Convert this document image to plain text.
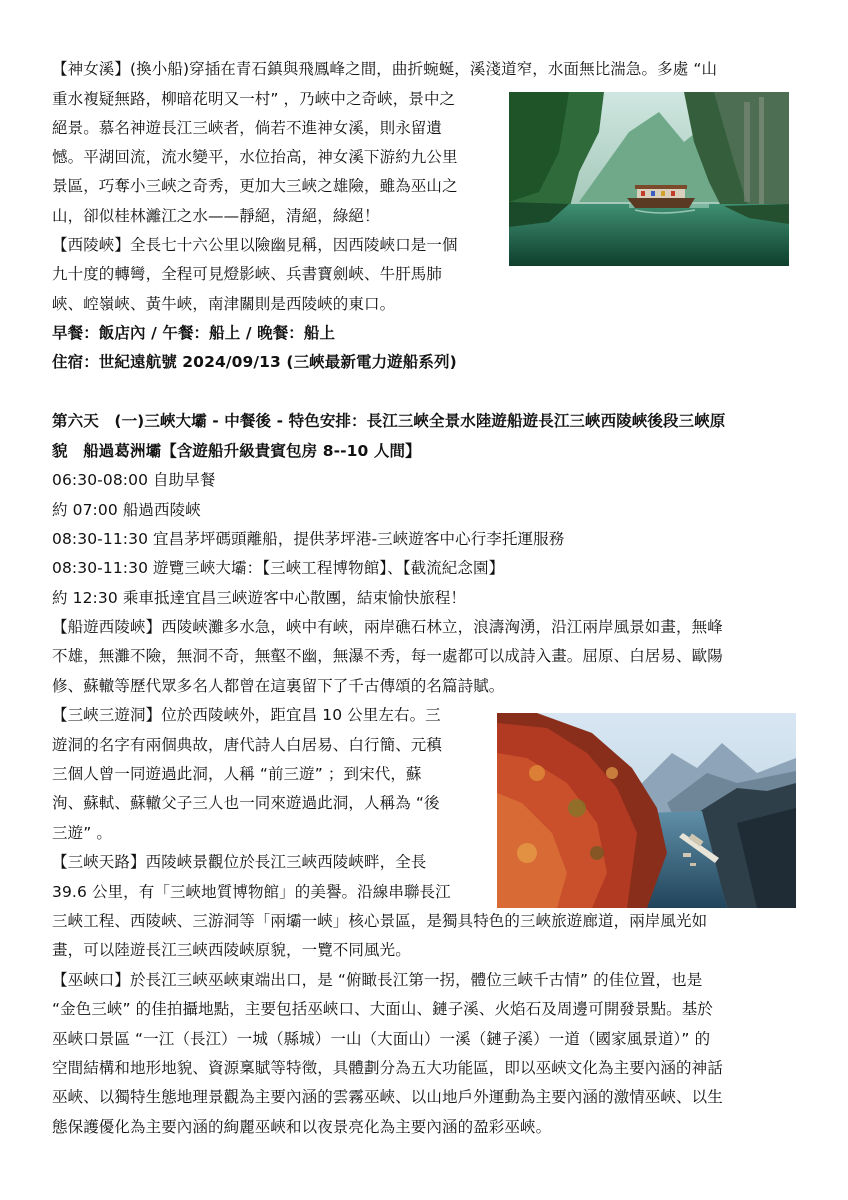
【神女溪】(換小船)穿插在青石鎮與飛鳳峰之間，曲折蜿蜒，溪淺道窄，水面無比湍急。多處 “山
重水複疑無路，柳暗花明又一村” ，乃峽中之奇峽，景中之
絕景。慕名神遊長江三峽者，倘若不進神女溪，則永留遺
憾。平湖回流，流水變平，水位抬高，神女溪下游約九公里
景區，巧奪小三峽之奇秀，更加大三峽之雄險，雖為巫山之
山，卻似桂林灕江之水——靜絕，清絕，綠絕！
【西陵峽】全長七十六公里以險幽見稱，因西陵峽口是一個
九十度的轉彎，全程可見燈影峽、兵書寶劍峽、牛肝馬肺
峽、崆嶺峽、黃牛峽，南津關則是西陵峽的東口。
早餐：飯店內 / 午餐：船上 / 晚餐：船上
住宿：世紀遠航號 2024/09/13 (三峽最新電力遊船系列)
第六天　(一)三峽大壩 - 中餐後 - 特色安排：長江三峽全景水陸遊船遊長江三峽西陵峽後段三峽原
貌　船過葛洲壩【含遊船升級貴賓包房 8--10 人間】
06:30-08:00 自助早餐
約 07:00 船過西陵峽
08:30-11:30 宜昌茅坪碼頭離船，提供茅坪港-三峽遊客中心行李托運服務
08:30-11:30 遊覽三峽大壩：【三峽工程博物館】、【截流紀念園】
約 12:30 乘車抵達宜昌三峽遊客中心散團，結束愉快旅程！
【船遊西陵峽】西陵峽灘多水急，峽中有峽，兩岸礁石林立，浪濤洶湧，沿江兩岸風景如畫，無峰
不雄，無灘不險，無洞不奇，無壑不幽，無瀑不秀，每一處都可以成詩入畫。屈原、白居易、歐陽
修、蘇轍等歷代眾多名人都曾在這裏留下了千古傳頌的名篇詩賦。
【三峽三遊洞】位於西陵峽外，距宜昌 10 公里左右。三
遊洞的名字有兩個典故，唐代詩人白居易、白行簡、元稹
三個人曾一同遊過此洞，人稱 “前三遊” ；到宋代，蘇
洵、蘇軾、蘇轍父子三人也一同來遊過此洞，人稱為 “後
三遊” 。
【三峽天路】西陵峽景觀位於長江三峽西陵峽畔，全長
39.6 公里，有「三峽地質博物館」的美譽。沿線串聯長江
三峽工程、西陵峽、三游洞等「兩壩一峽」核心景區，是獨具特色的三峽旅遊廊道，兩岸風光如
畫，可以陸遊長江三峽西陵峽原貌，一覽不同風光。
【巫峽口】於長江三峽巫峽東端出口，是 “俯瞰長江第一拐，體位三峽千古情” 的佳位置，也是
“金色三峽” 的佳拍攝地點，主要包括巫峽口、大面山、鏈子溪、火焰石及周邊可開發景點。基於
巫峽口景區 “一江（長江）一城（縣城）一山（大面山）一溪（鏈子溪）一道（國家風景道）” 的
空間結構和地形地貌、資源稟賦等特徵，具體劃分為五大功能區，即以巫峽文化為主要內涵的神話
巫峽、以獨特生態地理景觀為主要內涵的雲霧巫峽、以山地戶外運動為主要內涵的激情巫峽、以生
態保護優化為主要內涵的絢麗巫峽和以夜景亮化為主要內涵的盈彩巫峽。
